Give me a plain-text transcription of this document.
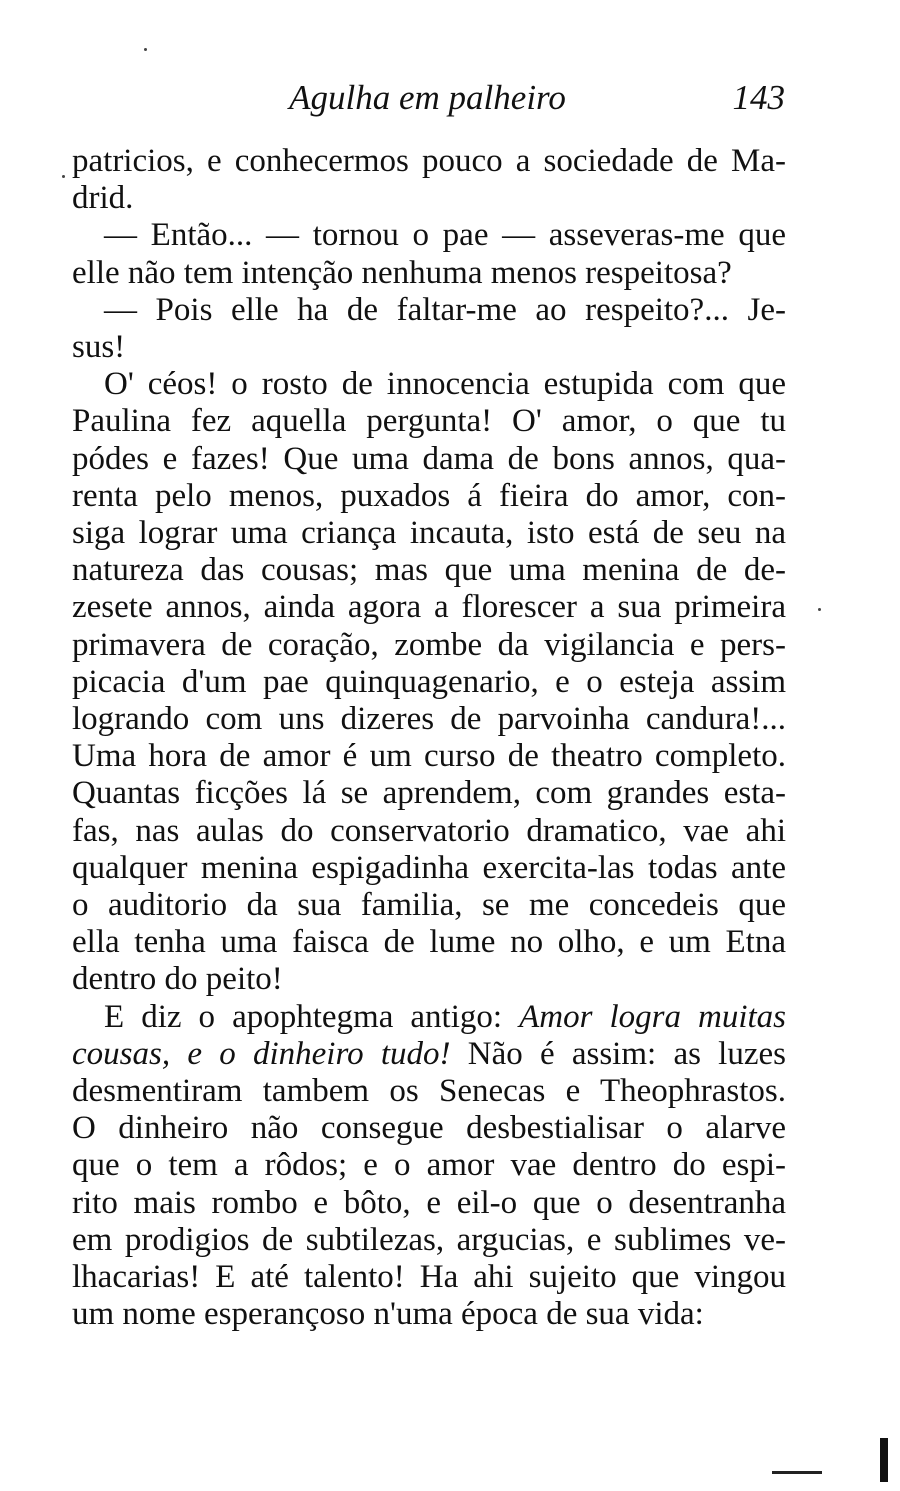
Agulha em palheiro	143
patricios, e conhecermos pouco a sociedade de Ma-
drid.
— Então... — tornou o pae — asseveras-me que
elle não tem intenção nenhuma menos respeitosa?
— Pois elle ha de faltar-me ao respeito?... Je-
sus!
O' céos! o rosto de innocencia estupida com que
Paulina fez aquella pergunta! O' amor, o que tu
pódes e fazes! Que uma dama de bons annos, qua-
renta pelo menos, puxados á fieira do amor, con-
siga lograr uma criança incauta, isto está de seu na
natureza das cousas; mas que uma menina de de-
zesete annos, ainda agora a florescer a sua primeira
primavera de coração, zombe da vigilancia e pers-
picacia d'um pae quinquagenario, e o esteja assim
logrando com uns dizeres de parvoinha candura!...
Uma hora de amor é um curso de theatro completo.
Quantas ficções lá se aprendem, com grandes esta-
fas, nas aulas do conservatorio dramatico, vae ahi
qualquer menina espigadinha exercita-las todas ante
o auditorio da sua familia, se me concedeis que
ella tenha uma faisca de lume no olho, e um Etna
dentro do peito!
E diz o apophtegma antigo: Amor logra muitas
cousas, e o dinheiro tudo! Não é assim: as luzes
desmentiram tambem os Senecas e Theophrastos.
O dinheiro não consegue desbestialisar o alarve
que o tem a rôdos; e o amor vae dentro do espi-
rito mais rombo e bôto, e eil-o que o desentranha
em prodigios de subtilezas, argucias, e sublimes ve-
lhacarias! E até talento! Ha ahi sujeito que vingou
um nome esperançoso n'uma época de sua vida:
